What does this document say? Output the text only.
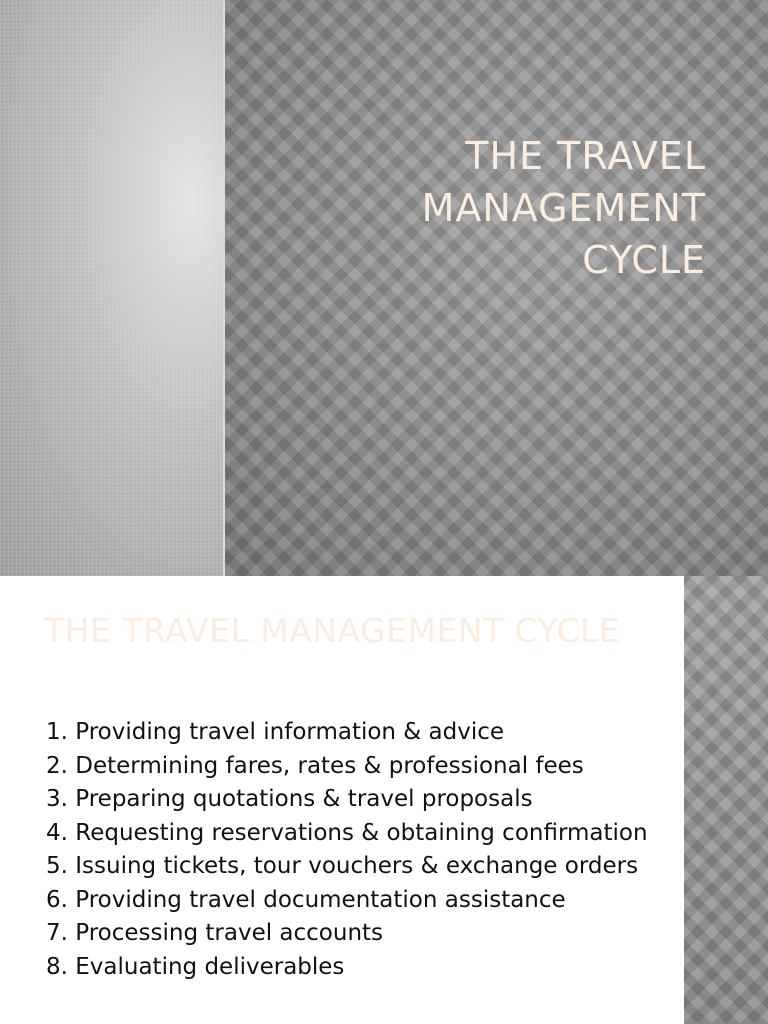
THE TRAVEL
MANAGEMENT
CYCLE
THE TRAVEL MANAGEMENT CYCLE
1. Providing travel information & advice
2. Determining fares, rates & professional fees
3. Preparing quotations & travel proposals
4. Requesting reservations & obtaining confirmation
5. Issuing tickets, tour vouchers & exchange orders
6. Providing travel documentation assistance
7. Processing travel accounts
8. Evaluating deliverables
